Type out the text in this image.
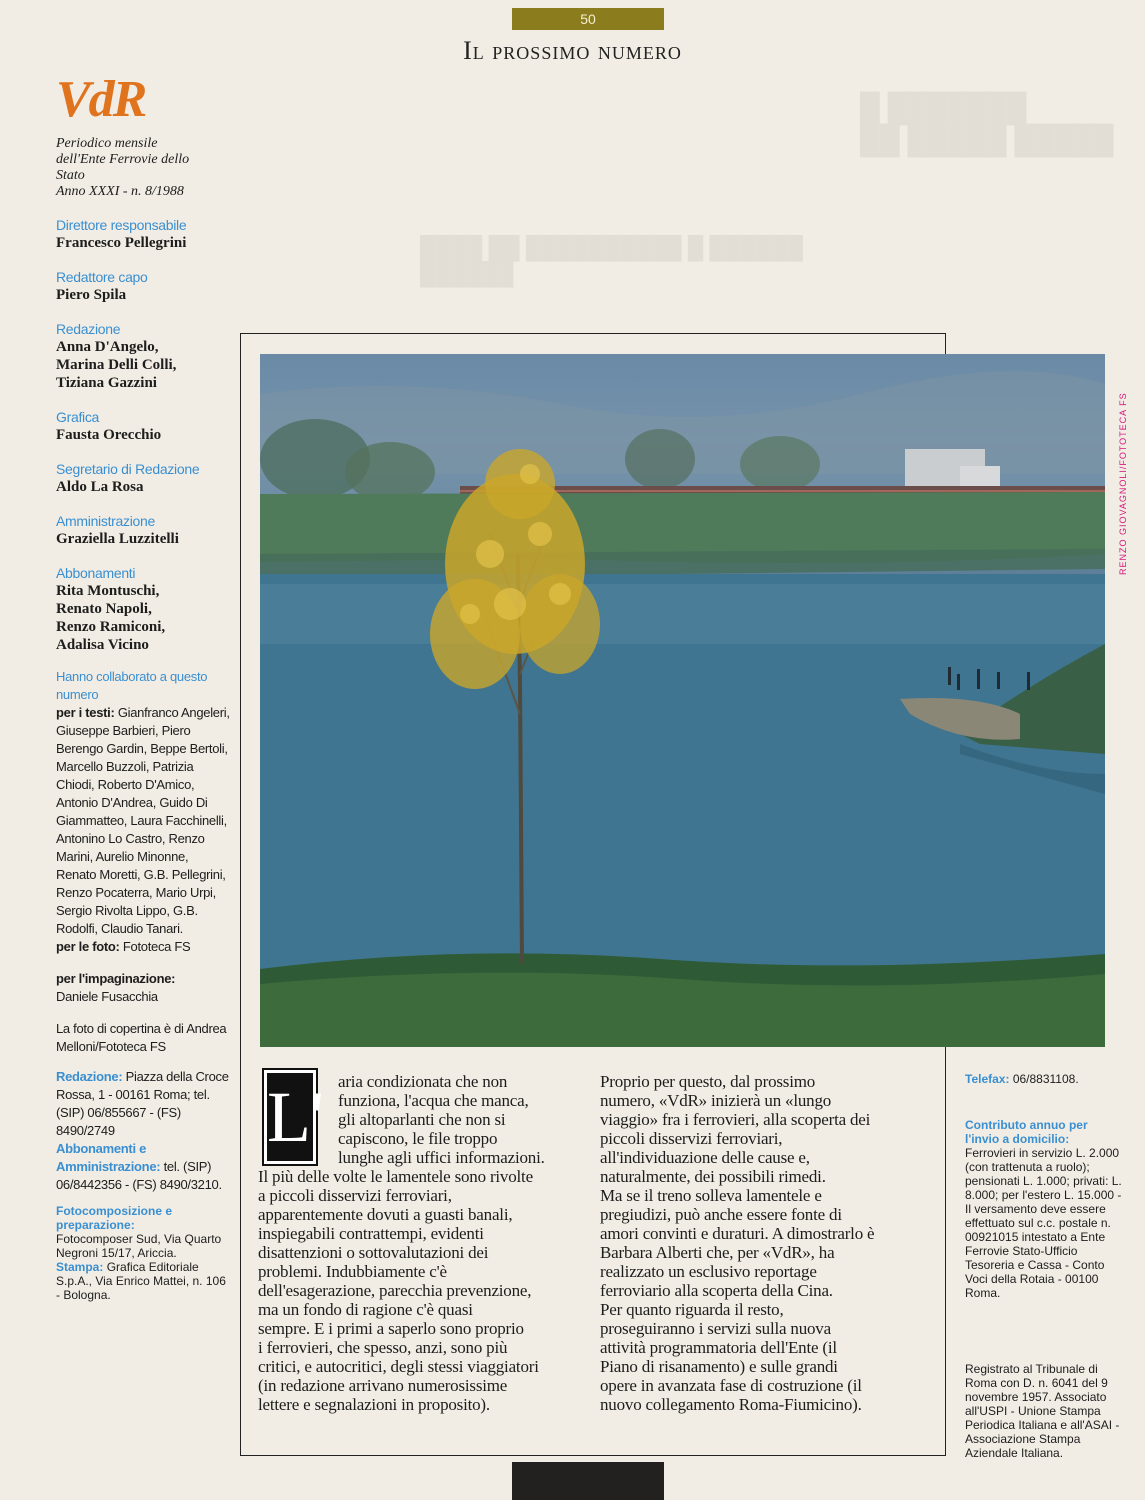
█ ███████
██ █████ █████
████ ██ ██████████ █ ██████
██████
50
Il prossimo numero
VdR
Periodico mensile
dell'Ente Ferrovie dello
Stato
Anno XXXI - n. 8/1988
Direttore responsabile
Francesco Pellegrini
Redattore capo
Piero Spila
Redazione
Anna D'Angelo,
Marina Delli Colli,
Tiziana Gazzini
Grafica
Fausta Orecchio
Segretario di Redazione
Aldo La Rosa
Amministrazione
Graziella Luzzitelli
Abbonamenti
Rita Montuschi,
Renato Napoli,
Renzo Ramiconi,
Adalisa Vicino
Hanno collaborato a questo numero
per i testi: Gianfranco Angeleri, Giuseppe Barbieri, Piero Berengo Gardin, Beppe Bertoli, Marcello Buzzoli, Patrizia Chiodi, Roberto D'Amico, Antonio D'Andrea, Guido Di Giammatteo, Laura Facchinelli, Antonino Lo Castro, Renzo Marini, Aurelio Minonne, Renato Moretti, G.B. Pellegrini, Renzo Pocaterra, Mario Urpi, Sergio Rivolta Lippo, G.B. Rodolfi, Claudio Tanari.
per le foto: Fototeca FS
per l'impaginazione:
Daniele Fusacchia
La foto di copertina è di Andrea Melloni/Fototeca FS
Redazione: Piazza della Croce Rossa, 1 - 00161 Roma; tel. (SIP) 06/855667 - (FS) 8490/2749
Abbonamenti e Amministrazione: tel. (SIP) 06/8442356 - (FS) 8490/3210.
Fotocomposizione e preparazione:
Fotocomposer Sud, Via Quarto Negroni 15/17, Ariccia.
Stampa: Grafica Editoriale S.p.A., Via Enrico Mattei, n. 106 - Bologna.
RENZO GIOVAGNOLI/FOTOTECA FS
L' aria condizionata che non
funziona, l'acqua che manca,
gli altoparlanti che non si
capiscono, le file troppo
lunghe agli uffici informazioni.
Il più delle volte le lamentele sono rivolte
a piccoli disservizi ferroviari,
apparentemente dovuti a guasti banali,
inspiegabili contrattempi, evidenti
disattenzioni o sottovalutazioni dei
problemi. Indubbiamente c'è
dell'esagerazione, parecchia prevenzione,
ma un fondo di ragione c'è quasi
sempre. E i primi a saperlo sono proprio
i ferrovieri, che spesso, anzi, sono più
critici, e autocritici, degli stessi viaggiatori
(in redazione arrivano numerosissime
lettere e segnalazioni in proposito).
Proprio per questo, dal prossimo
numero, «VdR» inizierà un «lungo
viaggio» fra i ferrovieri, alla scoperta dei
piccoli disservizi ferroviari,
all'individuazione delle cause e,
naturalmente, dei possibili rimedi.
Ma se il treno solleva lamentele e
pregiudizi, può anche essere fonte di
amori convinti e duraturi. A dimostrarlo è
Barbara Alberti che, per «VdR», ha
realizzato un esclusivo reportage
ferroviario alla scoperta della Cina.
Per quanto riguarda il resto,
proseguiranno i servizi sulla nuova
attività programmatoria dell'Ente (il
Piano di risanamento) e sulle grandi
opere in avanzata fase di costruzione (il
nuovo collegamento Roma-Fiumicino).
Telefax: 06/8831108.
Contributo annuo per l'invio a domicilio:
Ferrovieri in servizio L. 2.000 (con trattenuta a ruolo); pensionati L. 1.000; privati: L. 8.000; per l'estero L. 15.000 - Il versamento deve essere effettuato sul c.c. postale n. 00921015 intestato a Ente Ferrovie Stato-Ufficio Tesoreria e Cassa - Conto Voci della Rotaia - 00100 Roma.
Registrato al Tribunale di Roma con D. n. 6041 del 9 novembre 1957. Associato all'USPI - Unione Stampa Periodica Italiana e all'ASAI - Associazione Stampa Aziendale Italiana.
